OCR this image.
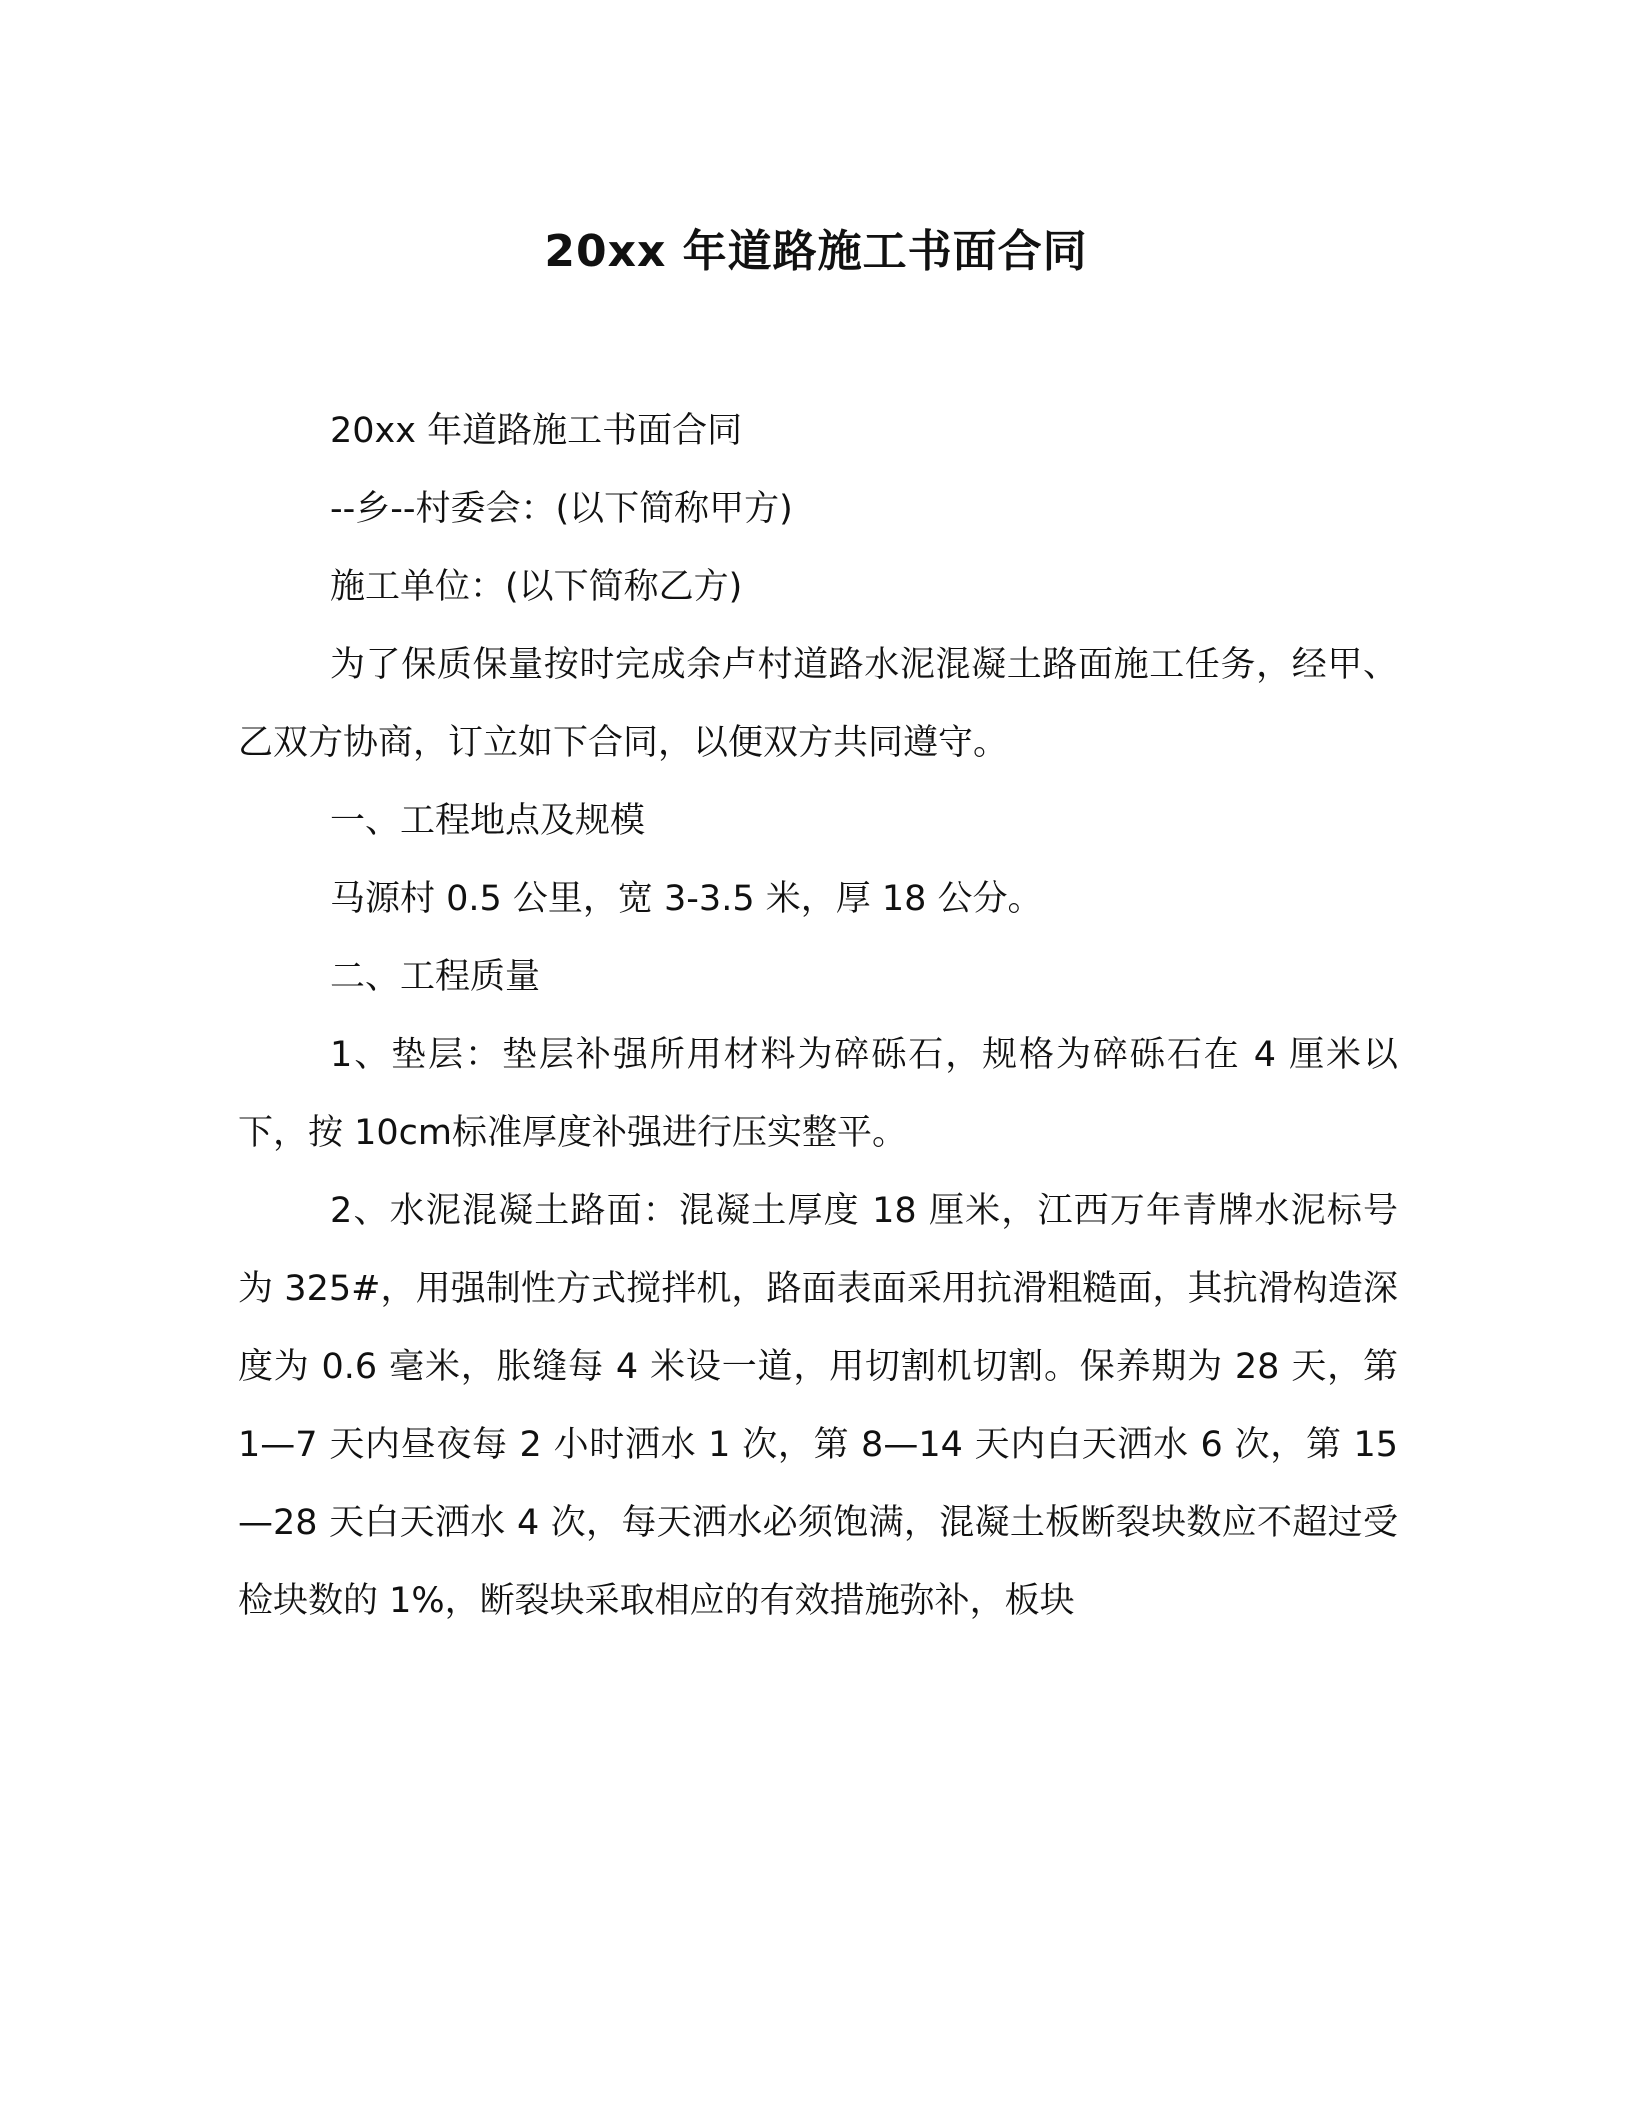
20xx 年道路施工书面合同

20xx 年道路施工书面合同

--乡--村委会：(以下简称甲方)

施工单位：(以下简称乙方)

为了保质保量按时完成余卢村道路水泥混凝土路面施工任务，经甲、乙双方协商，订立如下合同，以便双方共同遵守。

一、工程地点及规模

马源村 0.5 公里，宽 3-3.5 米，厚 18 公分。

二、工程质量

1、垫层：垫层补强所用材料为碎砾石，规格为碎砾石在 4 厘米以下，按 10cm标准厚度补强进行压实整平。

2、水泥混凝土路面：混凝土厚度 18 厘米，江西万年青牌水泥标号为 325#，用强制性方式搅拌机，路面表面采用抗滑粗糙面，其抗滑构造深度为 0.6 毫米，胀缝每 4 米设一道，用切割机切割。保养期为 28 天，第 1—7 天内昼夜每 2 小时洒水 1 次，第 8—14 天内白天洒水 6 次，第 15—28 天白天洒水 4 次，每天洒水必须饱满，混凝土板断裂块数应不超过受检块数的 1%，断裂块采取相应的有效措施弥补，板块
